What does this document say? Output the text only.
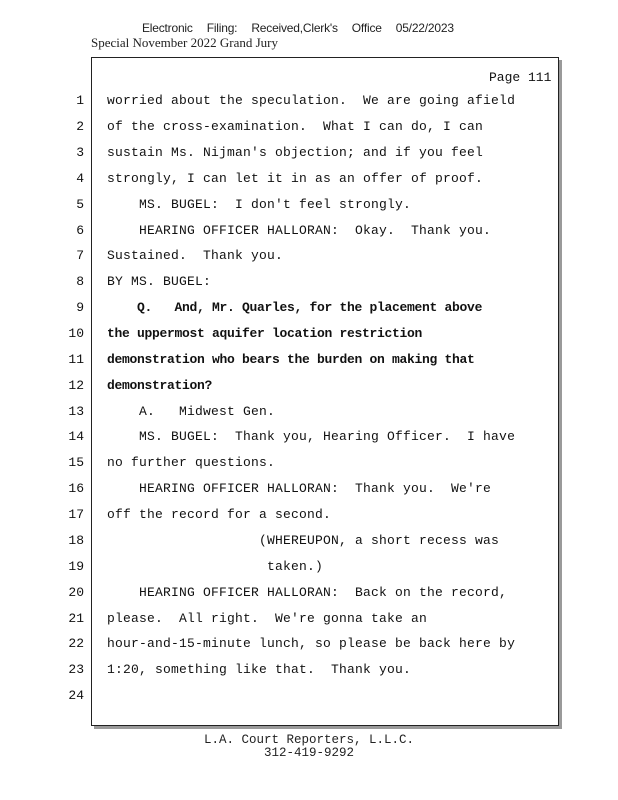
Electronic Filing: Received,Clerk's Office 05/22/2023
Special November 2022 Grand Jury
Page 111
1 worried about the speculation.  We are going afield
2 of the cross-examination.  What I can do, I can
3 sustain Ms. Nijman's objection; and if you feel
4 strongly, I can let it in as an offer of proof.
5 MS. BUGEL:  I don't feel strongly.
6 HEARING OFFICER HALLORAN:  Okay.  Thank you.
7 Sustained.  Thank you.
8 BY MS. BUGEL:
9 Q.   And, Mr. Quarles, for the placement above
10 the uppermost aquifer location restriction
11 demonstration who bears the burden on making that
12 demonstration?
13 A.   Midwest Gen.
14 MS. BUGEL:  Thank you, Hearing Officer.  I have
15 no further questions.
16 HEARING OFFICER HALLORAN:  Thank you.  We're
17 off the record for a second.
18 (WHEREUPON, a short recess was
19 taken.)
20 HEARING OFFICER HALLORAN:  Back on the record,
21 please.  All right.  We're gonna take an
22 hour-and-15-minute lunch, so please be back here by
23 1:20, something like that.  Thank you.
24
L.A. Court Reporters, L.L.C.
312-419-9292
